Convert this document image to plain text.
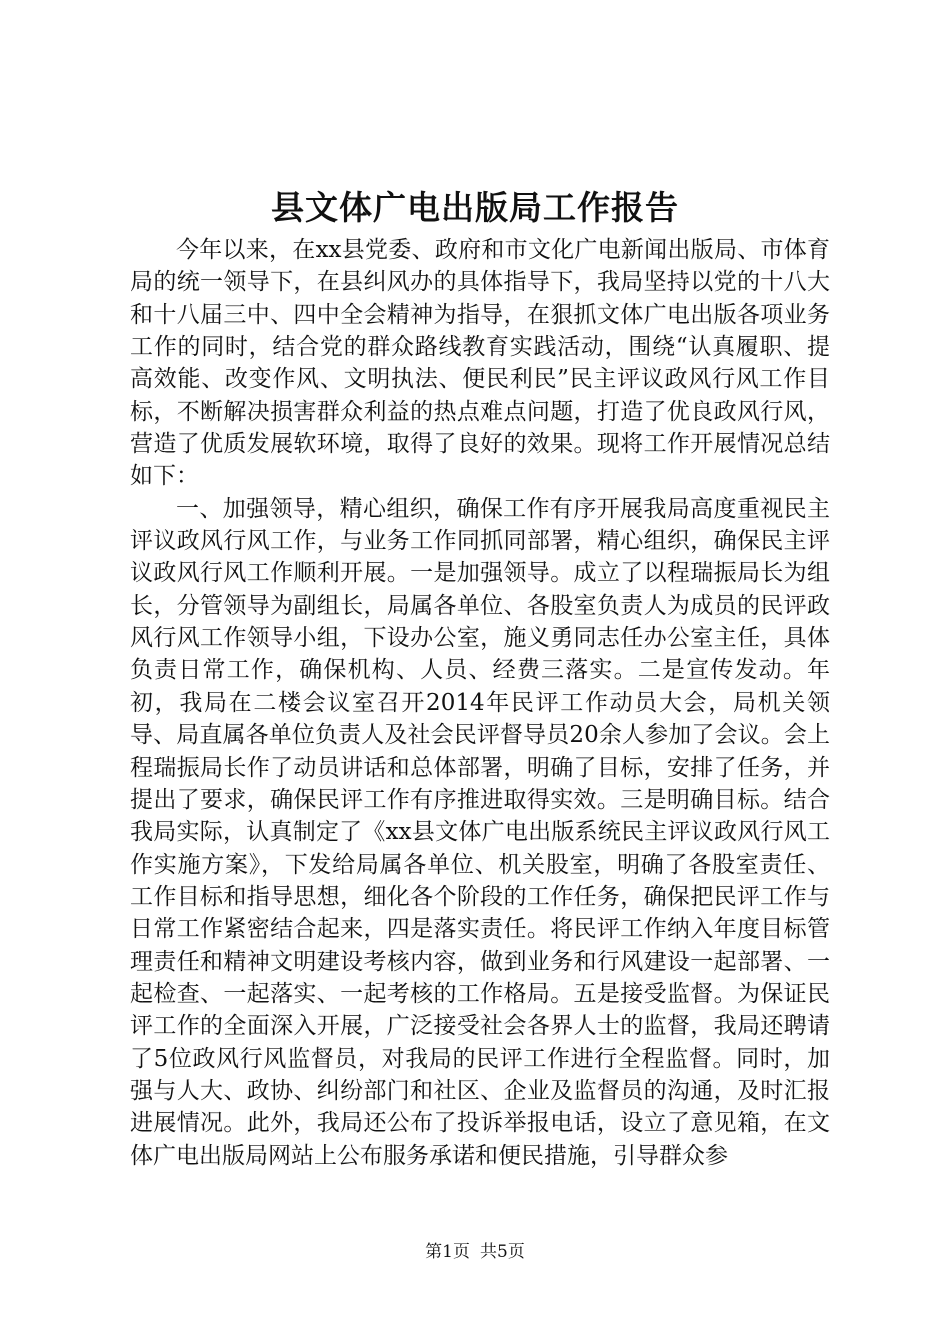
县文体广电出版局工作报告

今年以来，在xx县党委、政府和市文化广电新闻出版局、市体育局的统一领导下，在县纠风办的具体指导下，我局坚持以党的十八大和十八届三中、四中全会精神为指导，在狠抓文体广电出版各项业务工作的同时，结合党的群众路线教育实践活动，围绕“认真履职、提高效能、改变作风、文明执法、便民利民”民主评议政风行风工作目标，不断解决损害群众利益的热点难点问题，打造了优良政风行风，营造了优质发展软环境，取得了良好的效果。现将工作开展情况总结如下：

一、加强领导，精心组织，确保工作有序开展我局高度重视民主评议政风行风工作，与业务工作同抓同部署，精心组织，确保民主评议政风行风工作顺利开展。一是加强领导。成立了以程瑞振局长为组长，分管领导为副组长，局属各单位、各股室负责人为成员的民评政风行风工作领导小组，下设办公室，施义勇同志任办公室主任，具体负责日常工作，确保机构、人员、经费三落实。二是宣传发动。年初，我局在二楼会议室召开2014年民评工作动员大会，局机关领导、局直属各单位负责人及社会民评督导员20余人参加了会议。会上程瑞振局长作了动员讲话和总体部署，明确了目标，安排了任务，并提出了要求，确保民评工作有序推进取得实效。三是明确目标。结合我局实际，认真制定了《xx县文体广电出版系统民主评议政风行风工作实施方案》，下发给局属各单位、机关股室，明确了各股室责任、工作目标和指导思想，细化各个阶段的工作任务，确保把民评工作与日常工作紧密结合起来，四是落实责任。将民评工作纳入年度目标管理责任和精神文明建设考核内容，做到业务和行风建设一起部署、一起检查、一起落实、一起考核的工作格局。五是接受监督。为保证民评工作的全面深入开展，广泛接受社会各界人士的监督，我局还聘请了5位政风行风监督员，对我局的民评工作进行全程监督。同时，加强与人大、政协、纠纷部门和社区、企业及监督员的沟通，及时汇报进展情况。此外，我局还公布了投诉举报电话，设立了意见箱，在文体广电出版局网站上公布服务承诺和便民措施，引导群众参

第1页 共5页
